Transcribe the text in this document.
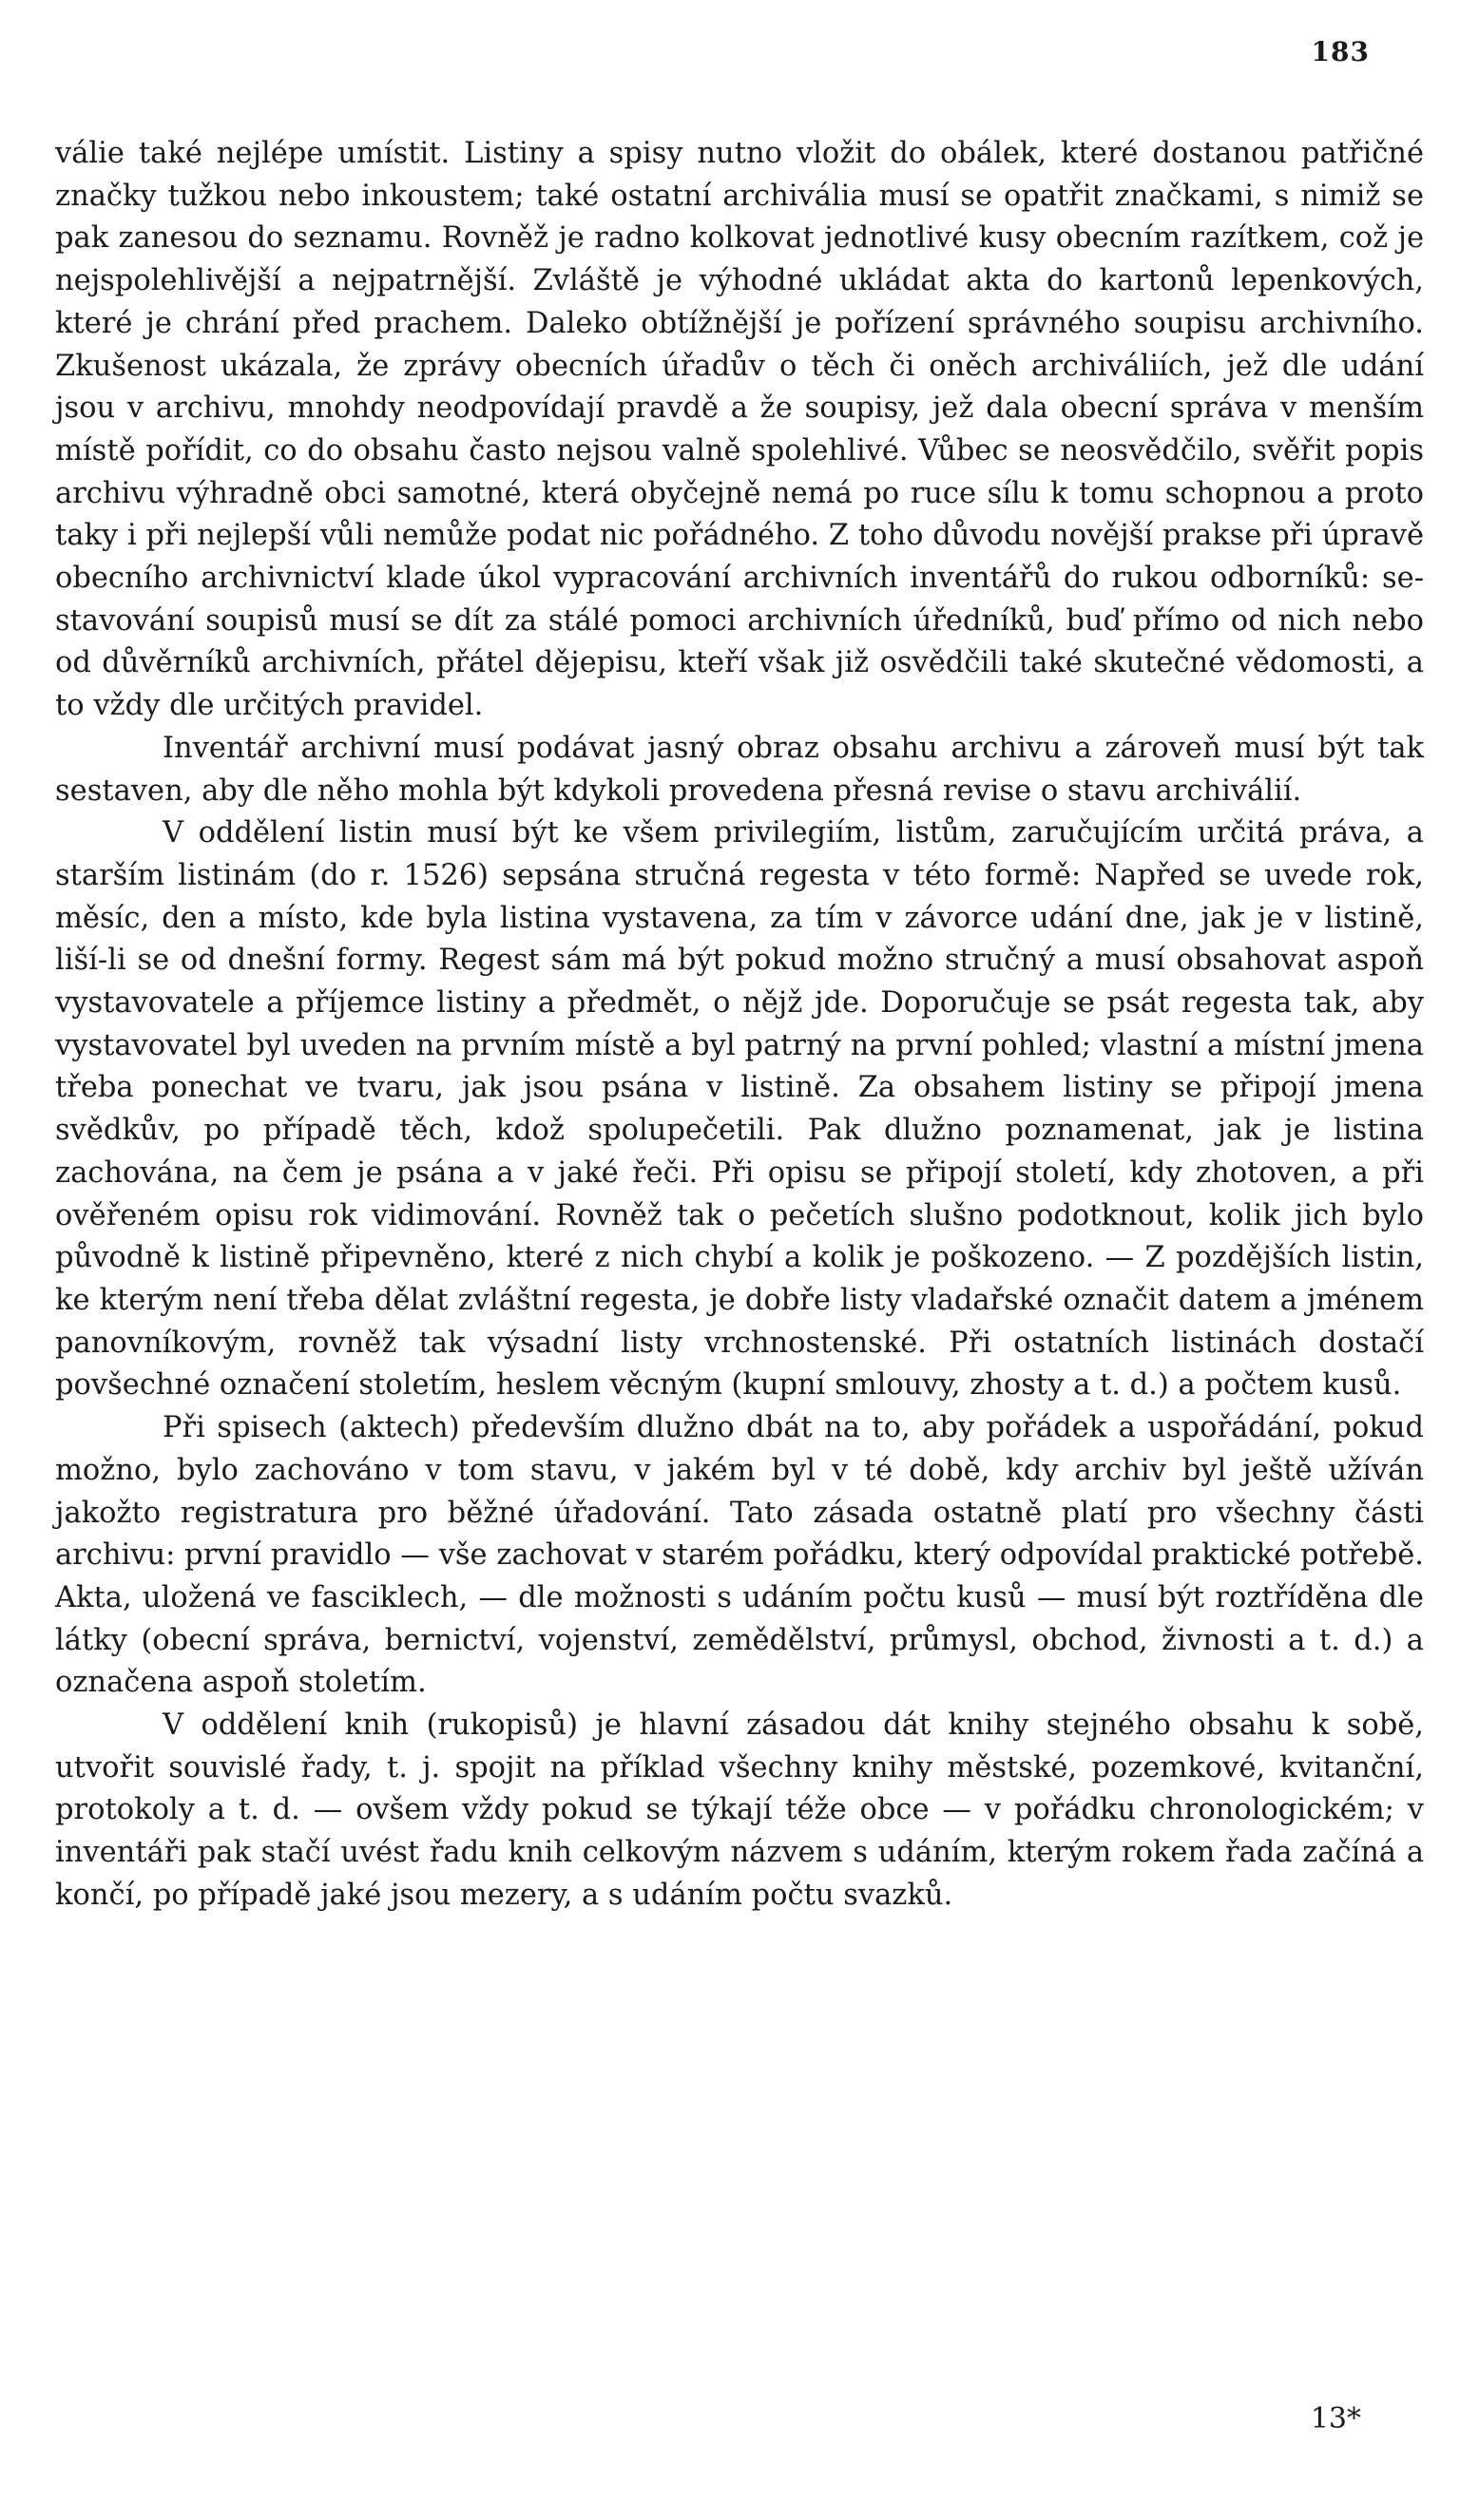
183

válie také nejlépe umístit. Listiny a spisy nutno vložit do obálek, které dostanou patřičné značky tužkou nebo inkoustem; také ostatní archivália musí se opatřit značkami, s nimiž se pak zanesou do seznamu. Rovněž je radno kolkovat jednotlivé kusy obecním razítkem, což je nejspolehlivější a nejpatrnější. Zvláště je výhodné ukládat akta do kartonů lepenkových, které je chrání před prachem. Daleko obtížnější je pořízení správného soupisu archivního. Zkušenost ukázala, že zprávy obecních úřadův o těch či oněch archiváliích, jež dle udání jsou v archivu, mnohdy neodpovídají pravdě a že soupisy, jež dala obecní správa v menším místě pořídit, co do obsahu často nejsou valně spolehlivé. Vůbec se neosvědčilo, svěřit popis archivu výhradně obci samotné, která obyčejně nemá po ruce sílu k tomu schopnou a proto taky i při nejlepší vůli nemůže podat nic pořádného. Z toho důvodu novější prakse při úpravě obecního archivnictví klade úkol vypracování archivních inventářů do rukou odborníků: sestavování soupisů musí se dít za stálé pomoci archivních úředníků, buď přímo od nich nebo od důvěrníků archivních, přátel dějepisu, kteří však již osvědčili také skutečné vědomosti, a to vždy dle určitých pravidel.

Inventář archivní musí podávat jasný obraz obsahu archivu a zároveň musí být tak sestaven, aby dle něho mohla být kdykoli provedena přesná revise o stavu archiválií.

V oddělení listin musí být ke všem privilegiím, listům, zaručujícím určitá práva, a starším listinám (do r. 1526) sepsána stručná regesta v této formě: Napřed se uvede rok, měsíc, den a místo, kde byla listina vystavena, za tím v závorce udání dne, jak je v listině, liší-li se od dnešní formy. Regest sám má být pokud možno stručný a musí obsahovat aspoň vystavovatele a příjemce listiny a předmět, o nějž jde. Doporučuje se psát regesta tak, aby vystavovatel byl uveden na prvním místě a byl patrný na první pohled; vlastní a místní jmena třeba ponechat ve tvaru, jak jsou psána v listině. Za obsahem listiny se připojí jmena svědkův, po případě těch, kdož spolupečetili. Pak dlužno poznamenat, jak je listina zachována, na čem je psána a v jaké řeči. Při opisu se připojí století, kdy zhotoven, a při ověřeném opisu rok vidimování. Rovněž tak o pečetích slušno podotknout, kolik jich bylo původně k listině připevněno, které z nich chybí a kolik je poškozeno. — Z pozdějších listin, ke kterým není třeba dělat zvláštní regesta, je dobře listy vladařské označit datem a jménem panovníkovým, rovněž tak výsadní listy vrchnostenské. Při ostatních listinách dostačí povšechné označení stoletím, heslem věcným (kupní smlouvy, zhosty a t. d.) a počtem kusů.

Při spisech (aktech) především dlužno dbát na to, aby pořádek a uspořádání, pokud možno, bylo zachováno v tom stavu, v jakém byl v té době, kdy archiv byl ještě užíván jakožto registratura pro běžné úřadování. Tato zásada ostatně platí pro všechny části archivu: první pravidlo — vše zachovat v starém pořádku, který odpovídal praktické potřebě. Akta, uložená ve fasciklech, — dle možnosti s udáním počtu kusů — musí být roztříděna dle látky (obecní správa, bernictví, vojenství, zemědělství, průmysl, obchod, živnosti a t. d.) a označena aspoň stoletím.

V oddělení knih (rukopisů) je hlavní zásadou dát knihy stejného obsahu k sobě, utvořit souvislé řady, t. j. spojit na příklad všechny knihy městské, pozemkové, kvitanční, protokoly a t. d. — ovšem vždy pokud se týkají téže obce — v pořádku chronologickém; v inventáři pak stačí uvést řadu knih celkovým názvem s udáním, kterým rokem řada začíná a končí, po případě jaké jsou mezery, a s udáním počtu svazků.

13*
